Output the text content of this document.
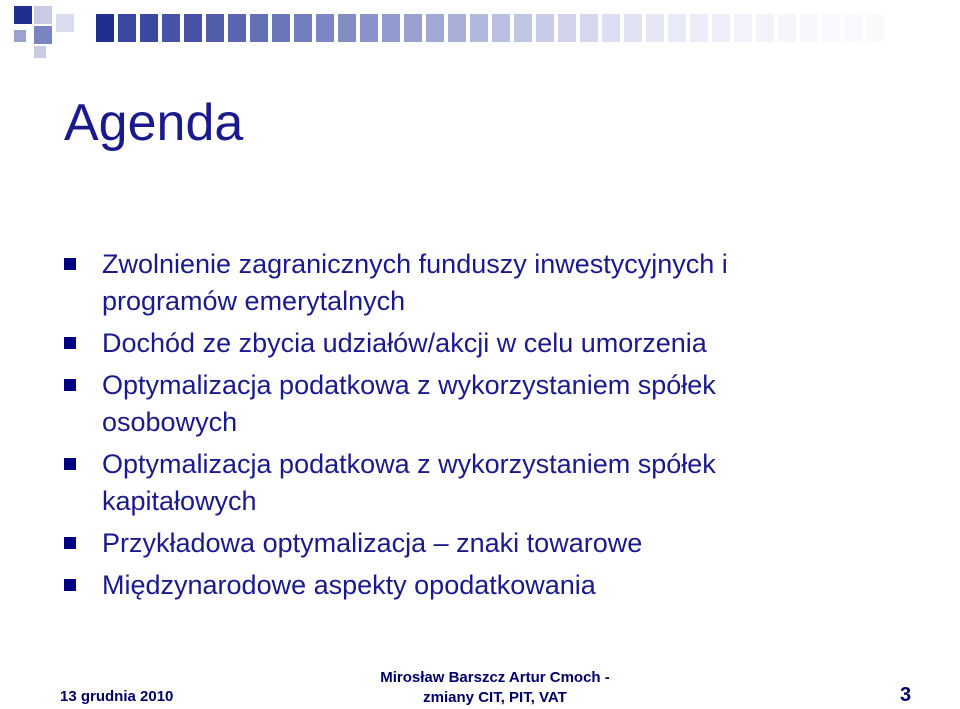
Agenda
Zwolnienie zagranicznych funduszy inwestycyjnych i
programów emerytalnych
Dochód ze zbycia udziałów/akcji w celu umorzenia
Optymalizacja podatkowa z wykorzystaniem spółek
osobowych
Optymalizacja podatkowa z wykorzystaniem spółek
kapitałowych
Przykładowa optymalizacja – znaki towarowe
Międzynarodowe aspekty opodatkowania
13 grudnia 2010
Mirosław Barszcz Artur Cmoch -
zmiany CIT, PIT, VAT	3
